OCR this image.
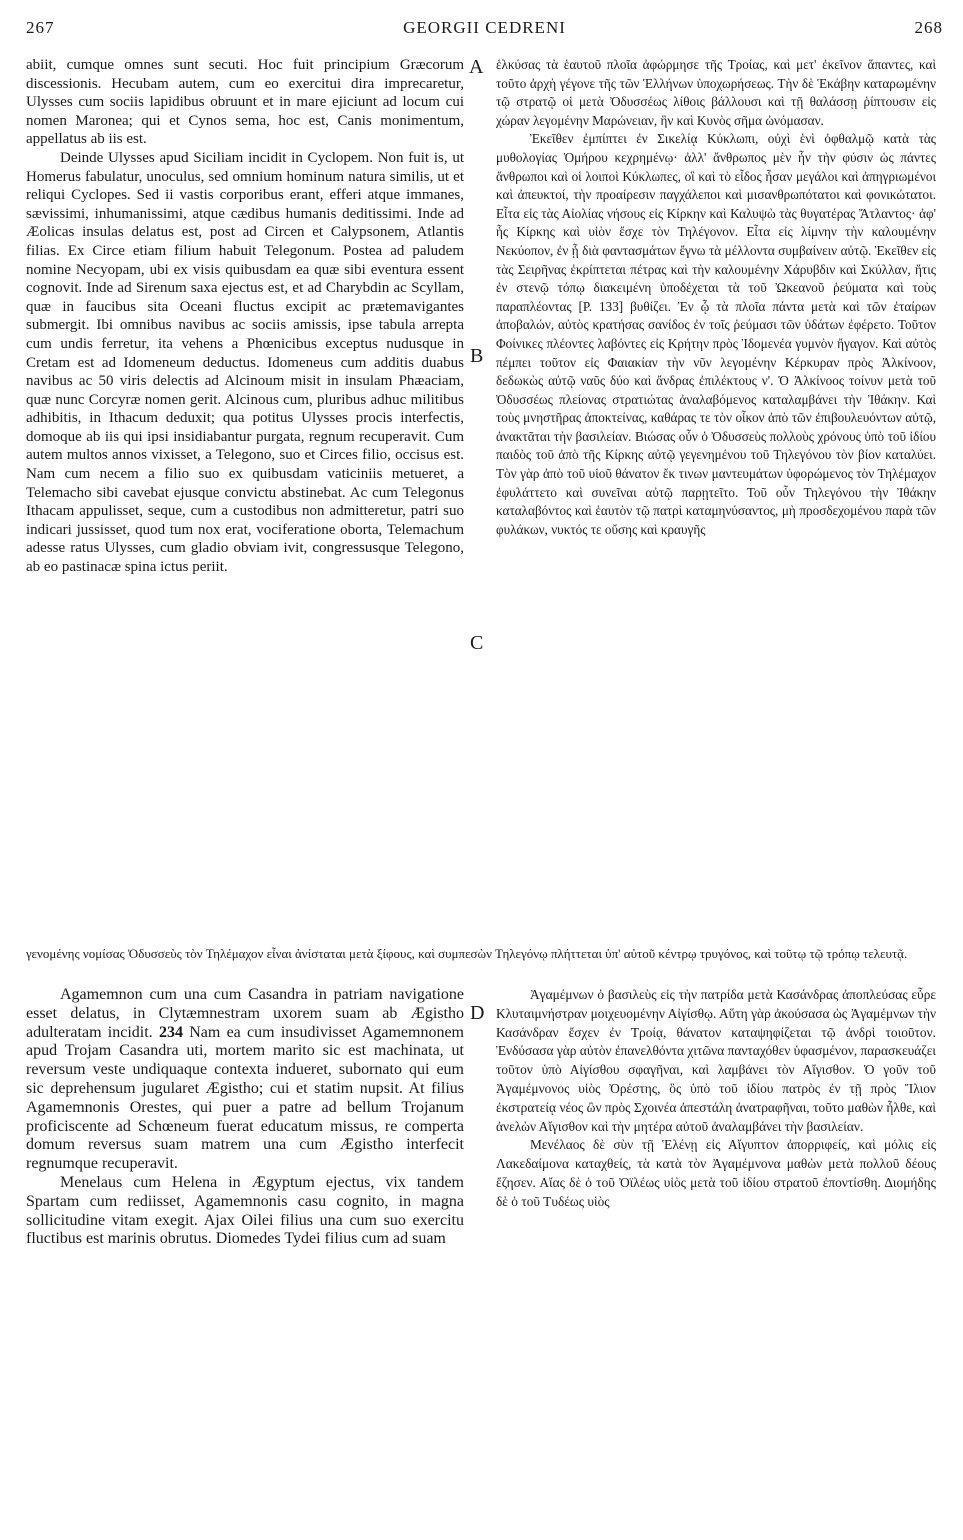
267	GEORGII CEDRENI	268
A
B
C
D

abiit, cumque omnes sunt secuti. Hoc fuit principium Græcorum discessionis. Hecubam autem, cum eo exercitui dira imprecaretur, Ulysses cum sociis lapidibus obruunt et in mare ejiciunt ad locum cui nomen Maronea; qui et Cynos sema, hoc est, Canis monimentum, appellatus ab iis est.

Deinde Ulysses apud Siciliam incidit in Cyclopem. Non fuit is, ut Homerus fabulatur, unoculus, sed omnium hominum natura similis, ut et reliqui Cyclopes. Sed ii vastis corporibus erant, efferi atque immanes, sævissimi, inhumanissimi, atque cædibus humanis deditissimi. Inde ad Æolicas insulas delatus est, post ad Circen et Calypsonem, Atlantis filias. Ex Circe etiam filium habuit Telegonum. Postea ad paludem nomine Necyopam, ubi ex visis quibusdam ea quæ sibi eventura essent cognovit. Inde ad Sirenum saxa ejectus est, et ad Charybdin ac Scyllam, quæ in faucibus sita Oceani fluctus excipit ac prætemavigantes submergit. Ibi omnibus navibus ac sociis amissis, ipse tabula arrepta cum undis ferretur, ita vehens a Phœnicibus exceptus nudusque in Cretam est ad Idomeneum deductus. Idomeneus cum additis duabus navibus ac 50 viris delectis ad Alcinoum misit in insulam Phæaciam, quæ nunc Corcyræ nomen gerit. Alcinous cum, pluribus adhuc militibus adhibitis, in Ithacum deduxit; qua potitus Ulysses procis interfectis, domoque ab iis qui ipsi insidiabantur purgata, regnum recuperavit. Cum autem multos annos vixisset, a Telegono, suo et Circes filio, occisus est. Nam cum necem a filio suo ex quibusdam vaticiniis metueret, a Telemacho sibi cavebat ejusque convictu abstinebat. Ac cum Telegonus Ithacam appulisset, seque, cum a custodibus non admitteretur, patri suo indicari jussisset, quod tum nox erat, vociferatione oborta, Telemachum adesse ratus Ulysses, cum gladio obviam ivit, congressusque Telegono, ab eo pastinacæ spina ictus periit.

ἑλκύσας τὰ ἑαυτοῦ πλοῖα ἀφώρμησε τῆς Τροίας, καὶ μετ' ἐκεῖνον ἅπαντες, καὶ τοῦτο ἀρχὴ γέγονε τῆς τῶν Ἑλλήνων ὑποχωρήσεως. Τὴν δὲ Ἑκάβην καταρωμένην τῷ στρατῷ οἱ μετὰ Ὀδυσσέως λίθοις βάλλουσι καὶ τῇ θαλάσσῃ ῥίπτουσιν εἰς χώραν λεγομένην Μαρώνειαν, ἣν καὶ Κυνὸς σῆμα ὠνόμασαν.

Ἐκεῖθεν ἐμπίπτει ἐν Σικελίᾳ Κύκλωπι, οὐχὶ ἑνὶ ὀφθαλμῷ κατὰ τὰς μυθολογίας Ὁμήρου κεχρημένῳ· ἀλλ' ἄνθρωπος μὲν ἦν τὴν φύσιν ὡς πάντες ἄνθρωποι καὶ οἱ λοιποὶ Κύκλωπες, οἳ καὶ τὸ εἶδος ἦσαν μεγάλοι καὶ ἀπηγριωμένοι καὶ ἀπευκτοί, τὴν προαίρεσιν παγχάλεποι καὶ μισανθρωπότατοι καὶ φονικώτατοι. Εἶτα εἰς τὰς Αἰολίας νήσους εἰς Κίρκην καὶ Καλυψὼ τὰς θυγατέρας Ἄτλαντος· ἀφ' ἧς Κίρκης καὶ υἱὸν ἔσχε τὸν Τηλέγονον. Εἶτα εἰς λίμνην τὴν καλουμένην Νεκύοπον, ἐν ᾗ διὰ φαντασμάτων ἔγνω τὰ μέλλοντα συμβαίνειν αὐτῷ. Ἐκεῖθεν εἰς τὰς Σειρῆνας ἐκρίπτεται πέτρας καὶ τὴν καλουμένην Χάρυβδιν καὶ Σκύλλαν, ἥτις ἐν στενῷ τόπῳ διακειμένη ὑποδέχεται τὰ τοῦ Ὠκεανοῦ ῥεύματα καὶ τοὺς παραπλέοντας [P. 133] βυθίζει. Ἐν ᾧ τὰ πλοῖα πάντα μετὰ καὶ τῶν ἑταίρων ἀποβαλών, αὐτὸς κρατήσας σανίδος ἐν τοῖς ῥεύμασι τῶν ὑδάτων ἐφέρετο. Τοῦτον Φοίνικες πλέοντες λαβόντες εἰς Κρήτην πρὸς Ἰδομενέα γυμνὸν ἤγαγον. Καὶ αὐτὸς πέμπει τοῦτον εἰς Φαιακίαν τὴν νῦν λεγομένην Κέρκυραν πρὸς Ἀλκίνοον, δεδωκὼς αὐτῷ ναῦς δύο καὶ ἄνδρας ἐπιλέκτους ν'. Ὁ Ἀλκίνοος τοίνυν μετὰ τοῦ Ὀδυσσέως πλείονας στρατιώτας ἀναλαβόμενος καταλαμβάνει τὴν Ἰθάκην. Καὶ τοὺς μνηστῆρας ἀποκτείνας, καθάρας τε τὸν οἶκον ἀπὸ τῶν ἐπιβουλευόντων αὐτῷ, ἀνακτᾶται τὴν βασιλείαν. Βιώσας οὖν ὁ Ὀδυσσεὺς πολλοὺς χρόνους ὑπὸ τοῦ ἰδίου παιδὸς τοῦ ἀπὸ τῆς Κίρκης αὐτῷ γεγενημένου τοῦ Τηλεγόνου τὸν βίον καταλύει. Τὸν γὰρ ἀπὸ τοῦ υἱοῦ θάνατον ἔκ τινων μαντευμάτων ὑφορώμενος τὸν Τηλέμαχον ἐφυλάττετο καὶ συνεῖναι αὐτῷ παρῃτεῖτο. Τοῦ οὖν Τηλεγόνου τὴν Ἰθάκην καταλαβόντος καὶ ἑαυτὸν τῷ πατρὶ καταμηνύσαντος, μὴ προσδεχομένου παρὰ τῶν φυλάκων, νυκτός τε οὔσης καὶ κραυγῆς

γενομένης νομίσας Ὀδυσσεὺς τὸν Τηλέμαχον εἶναι ἀνίσταται μετὰ ξίφους, καὶ συμπεσὼν Τηλεγόνῳ πλήττεται ὑπ' αὐτοῦ κέντρῳ τρυγόνος, καὶ τοῦτῳ τῷ τρόπῳ τελευτᾷ.

Agamemnon cum una cum Casandra in patriam navigatione esset delatus, in Clytæmnestram uxorem suam ab Ægistho adulteratam incidit. 234 Nam ea cum insudivisset Agamemnonem apud Trojam Casandra uti, mortem marito sic est machinata, ut reversum veste undiquaque contexta indueret, subornato qui eum sic deprehensum jugularet Ægistho; cui et statim nupsit. At filius Agamemnonis Orestes, qui puer a patre ad bellum Trojanum proficiscente ad Schœneum fuerat educatum missus, re comperta domum reversus suam matrem una cum Ægistho interfecit regnumque recuperavit.

Menelaus cum Helena in Ægyptum ejectus, vix tandem Spartam cum rediisset, Agamemnonis casu cognito, in magna sollicitudine vitam exegit. Ajax Oilei filius una cum suo exercitu fluctibus est marinis obrutus. Diomedes Tydei filius cum ad suam

Ἀγαμέμνων ὁ βασιλεὺς εἰς τὴν πατρίδα μετὰ Κασάνδρας ἀποπλεύσας εὗρε Κλυταιμνήστραν μοιχευομένην Αἰγίσθῳ. Αὕτη γὰρ ἀκούσασα ὡς Ἀγαμέμνων τὴν Κασάνδραν ἔσχεν ἐν Τροίᾳ, θάνατον καταψηφίζεται τῷ ἀνδρὶ τοιοῦτον. Ἐνδύσασα γὰρ αὐτὸν ἐπανελθόντα χιτῶνα πανταχόθεν ὑφασμένον, παρασκευάζει τοῦτον ὑπὸ Αἰγίσθου σφαγῆναι, καὶ λαμβάνει τὸν Αἴγισθον. Ὁ γοῦν τοῦ Ἀγαμέμνονος υἱὸς Ὀρέστης, ὃς ὑπὸ τοῦ ἰδίου πατρὸς ἐν τῇ πρὸς Ἴλιον ἐκστρατείᾳ νέος ὢν πρὸς Σχοινέα ἀπεστάλη ἀνατραφῆναι, τοῦτο μαθὼν ἦλθε, καὶ ἀνελὼν Αἴγισθον καὶ τὴν μητέρα αὐτοῦ ἀναλαμβάνει τὴν βασιλείαν.

Μενέλαος δὲ σὺν τῇ Ἑλένῃ εἰς Αἴγυπτον ἀπορριφείς, καὶ μόλις εἰς Λακεδαίμονα καταχθείς, τὰ κατὰ τὸν Ἀγαμέμνονα μαθὼν μετὰ πολλοῦ δέους ἔζησεν. Αἴας δὲ ὁ τοῦ Ὀϊλέως υἱὸς μετὰ τοῦ ἰδίου στρατοῦ ἐποντίσθη. Διομήδης δὲ ὁ τοῦ Τυδέως υἱὸς
